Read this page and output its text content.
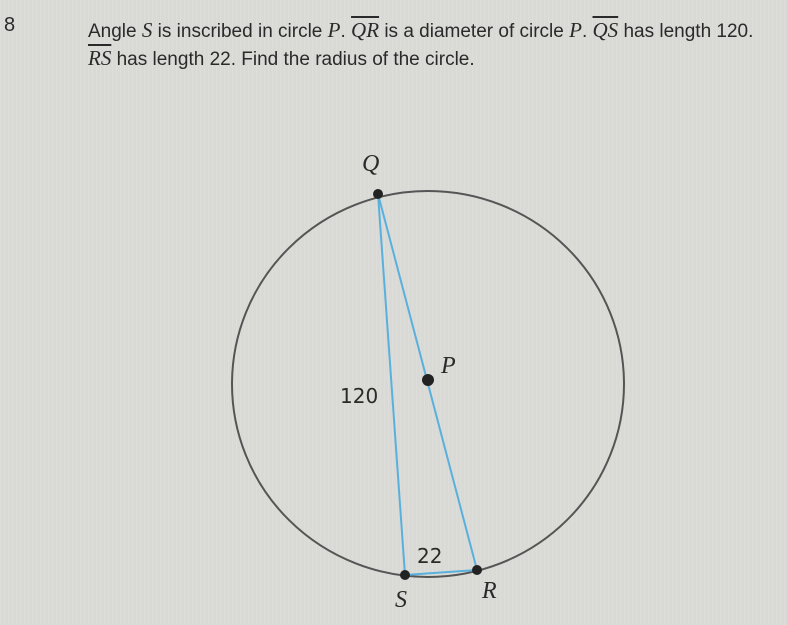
8	Angle S is inscribed in circle P. $\overline{QR}$ is a diameter of circle P. $\overline{QS}$ has length 120.
$\overline{RS}$ has length 22. Find the radius of the circle.
Q
P
S	R
120
22
